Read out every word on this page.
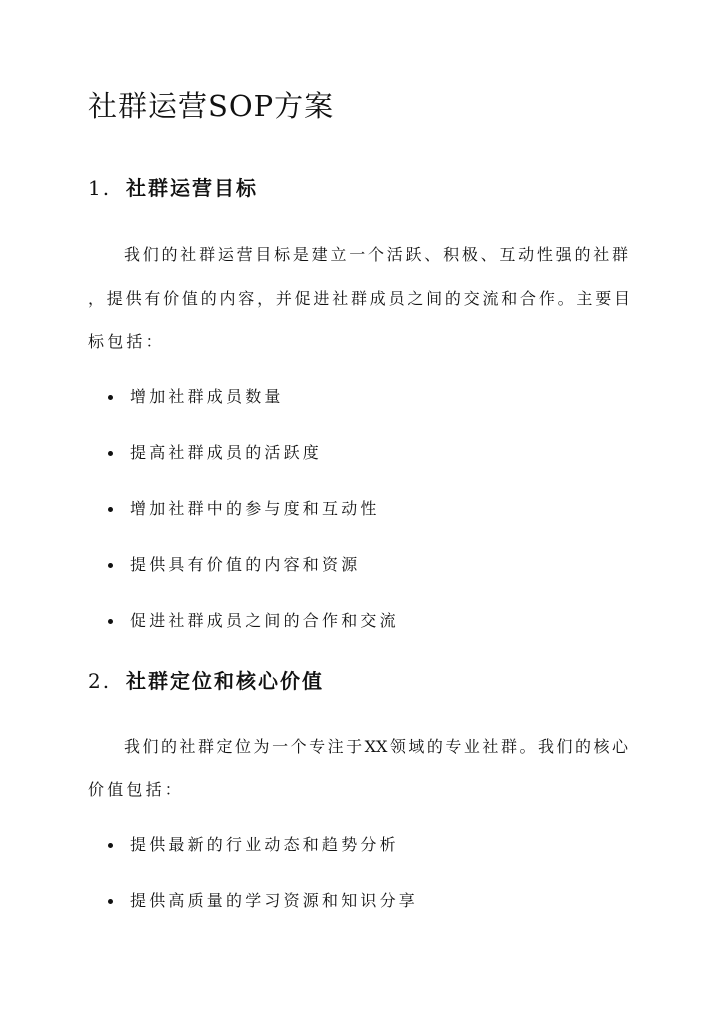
社群运营SOP方案
1. 社群运营目标

我们的社群运营目标是建立一个活跃、积极、互动性强的社群

，提供有价值的内容，并促进社群成员之间的交流和合作。主要目

标包括：

增加社群成员数量
提高社群成员的活跃度
增加社群中的参与度和互动性
提供具有价值的内容和资源
促进社群成员之间的合作和交流
2. 社群定位和核心价值

我们的社群定位为一个专注于XX领域的专业社群。我们的核心

价值包括：

提供最新的行业动态和趋势分析
提供高质量的学习资源和知识分享
